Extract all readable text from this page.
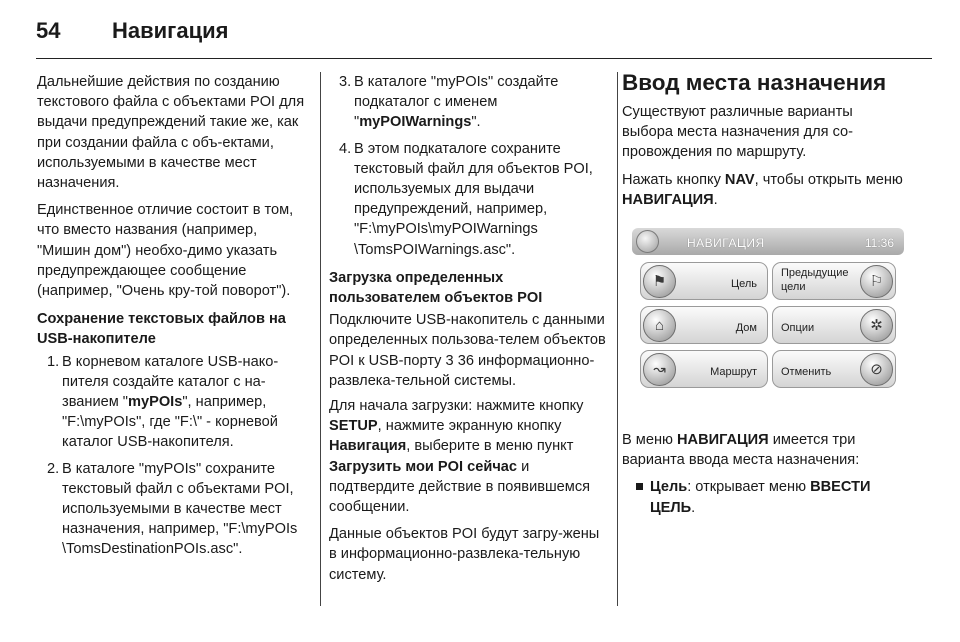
54 Навигация

Дальнейшие действия по созданию текстового файла с объектами POI для выдачи предупреждений такие же, как при создании файла с объ-ектами, используемыми в качестве мест назначения.

Единственное отличие состоит в том, что вместо названия (например, "Мишин дом") необхо-димо указать предупреждающее сообщение (например, "Очень кру-той поворот").

Сохранение текстовых файлов на USB-накопителе
1. В корневом каталоге USB-нако-пителя создайте каталог с на-званием "myPOIs", например, "F:\myPOIs", где "F:\" - корневой каталог USB-накопителя.
2. В каталоге "myPOIs" сохраните текстовый файл с объектами POI, используемыми в качестве мест назначения, например, "F:\myPOIs \TomsDestinationPOIs.asc".
3. В каталоге "myPOIs" создайте подкаталог с именем "myPOIWarnings".
4. В этом подкаталоге сохраните текстовый файл для объектов POI, используемых для выдачи предупреждений, например, "F:\myPOIs\myPOIWarnings \TomsPOIWarnings.asc".
Загрузка определенных пользователем объектов POI

Подключите USB-накопитель с данными определенных пользова-телем объектов POI к USB-порту 3 36 информационно-развлека-тельной системы.

Для начала загрузки: нажмите кнопку SETUP, нажмите экранную кнопку Навигация, выберите в меню пункт Загрузить мои POI сейчас и подтвердите действие в появившемся сообщении.

Данные объектов POI будут загру-жены в информационно-развлека-тельную систему.

Ввод места назначения

Существуют различные варианты выбора места назначения для со-провождения по маршруту.

Нажать кнопку NAV, чтобы открыть меню НАВИГАЦИЯ.

НАВИГАЦИЯ	11:36
⚑	Цель
Предыдущие
цели	⚐
⌂	Дом Опции	✲
↝	Маршрут Отменить	⊘

В меню НАВИГАЦИЯ имеется три варианта ввода места назначения:

Цель: открывает меню ВВЕСТИ ЦЕЛЬ.
